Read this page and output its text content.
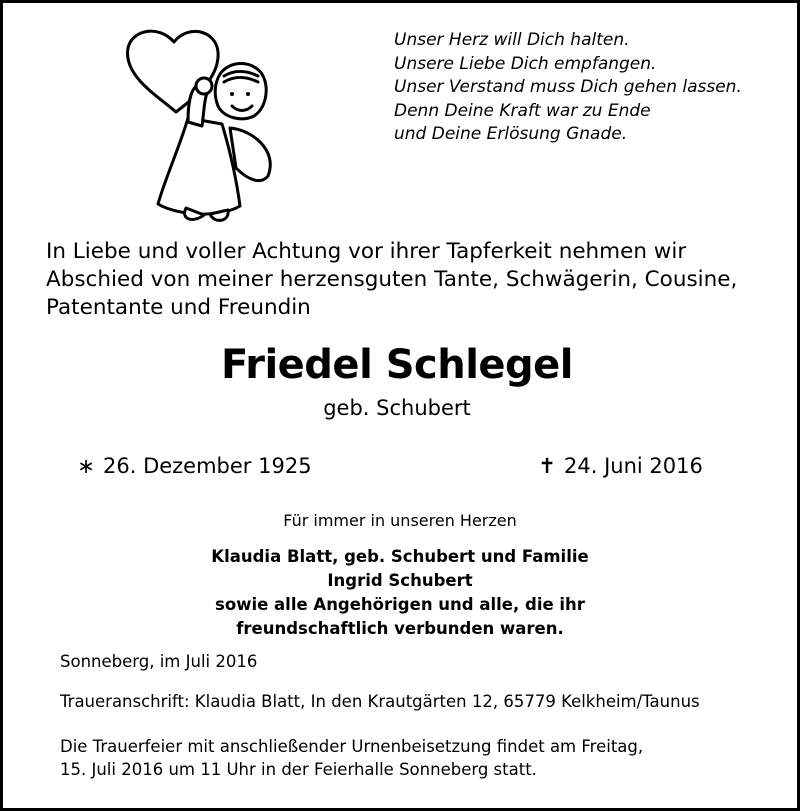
Unser Herz will Dich halten.
Unsere Liebe Dich empfangen.
Unser Verstand muss Dich gehen lassen.
Denn Deine Kraft war zu Ende
und Deine Erlösung Gnade.
In Liebe und voller Achtung vor ihrer Tapferkeit nehmen wir
Abschied von meiner herzensguten Tante, Schwägerin, Cousine,
Patentante und Freundin
Friedel Schlegel
geb. Schubert
∗ 26. Dezember 1925	✝ 24. Juni 2016
Für immer in unseren Herzen
Klaudia Blatt, geb. Schubert und Familie
Ingrid Schubert
sowie alle Angehörigen und alle, die ihr
freundschaftlich verbunden waren.
Sonneberg, im Juli 2016
Traueranschrift: Klaudia Blatt, In den Krautgärten 12, 65779 Kelkheim/Taunus
Die Trauerfeier mit anschließender Urnenbeisetzung findet am Freitag,
15. Juli 2016 um 11 Uhr in der Feierhalle Sonneberg statt.
